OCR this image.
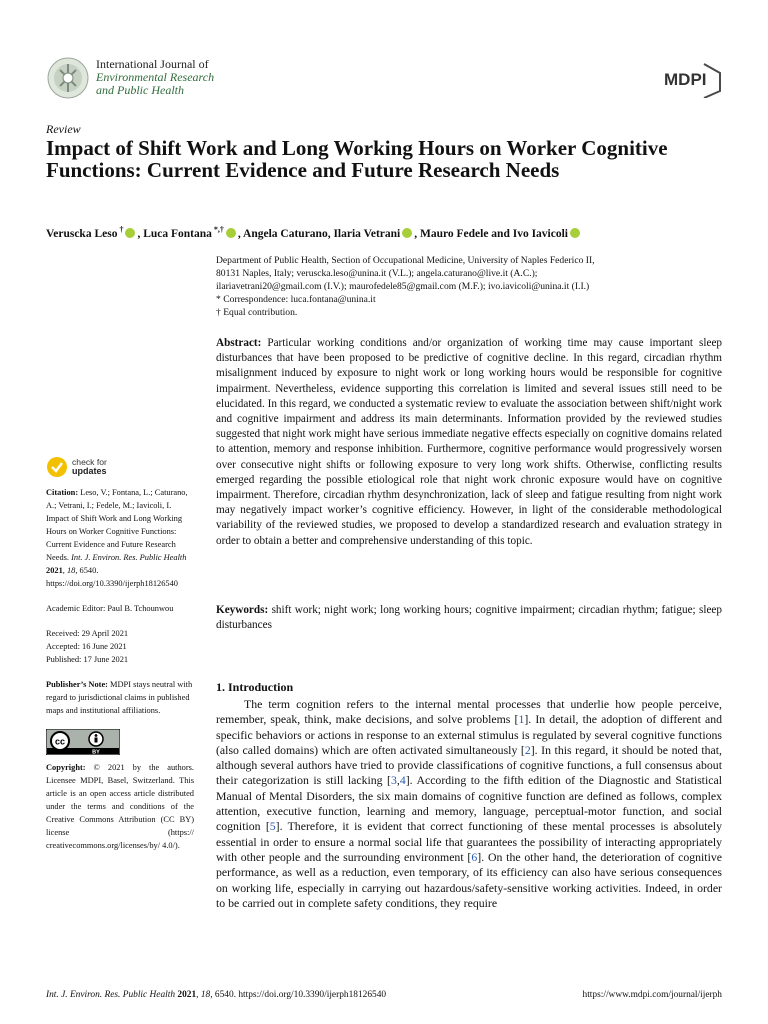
International Journal of
Environmental Research
and Public Health
MDPI
Review
Impact of Shift Work and Long Working Hours on Worker Cognitive Functions: Current Evidence and Future Research Needs
Veruscka Leso † , Luca Fontana *,† , Angela Caturano, Ilaria Vetrani , Mauro Fedele and Ivo Iavicoli
Department of Public Health, Section of Occupational Medicine, University of Naples Federico II,
80131 Naples, Italy; veruscka.leso@unina.it (V.L.); angela.caturano@live.it (A.C.);
ilariavetrani20@gmail.com (I.V.); maurofedele85@gmail.com (M.F.); ivo.iavicoli@unina.it (I.I.)
* Correspondence: luca.fontana@unina.it
† Equal contribution.
Abstract: Particular working conditions and/or organization of working time may cause important sleep disturbances that have been proposed to be predictive of cognitive decline. In this regard, circadian rhythm misalignment induced by exposure to night work or long working hours would be responsible for cognitive impairment. Nevertheless, evidence supporting this correlation is limited and several issues still need to be elucidated. In this regard, we conducted a systematic review to evaluate the association between shift/night work and cognitive impairment and address its main determinants. Information provided by the reviewed studies suggested that night work might have serious immediate negative effects especially on cognitive domains related to attention, memory and response inhibition. Furthermore, cognitive performance would progressively worsen over consecutive night shifts or following exposure to very long work shifts. Otherwise, conflicting results emerged regarding the possible etiological role that night work chronic exposure would have on cognitive impairment. Therefore, circadian rhythm desynchronization, lack of sleep and fatigue resulting from night work may negatively impact worker’s cognitive efficiency. However, in light of the considerable methodological variability of the reviewed studies, we proposed to develop a standardized research and evaluation strategy in order to obtain a better and comprehensive understanding of this topic.
Keywords: shift work; night work; long working hours; cognitive impairment; circadian rhythm; fatigue; sleep disturbances
check for
updates
Citation: Leso, V.; Fontana, L.; Caturano, A.; Vetrani, I.; Fedele, M.; Iavicoli, I. Impact of Shift Work and Long Working Hours on Worker Cognitive Functions: Current Evidence and Future Research Needs. Int. J. Environ. Res. Public Health 2021, 18, 6540. https://doi.org/10.3390/ijerph18126540
Academic Editor: Paul B. Tchounwou
Received: 29 April 2021
Accepted: 16 June 2021
Published: 17 June 2021
Publisher’s Note: MDPI stays neutral with regard to jurisdictional claims in published maps and institutional affiliations.
cc
BY
Copyright: © 2021 by the authors. Licensee MDPI, Basel, Switzerland. This article is an open access article distributed under the terms and conditions of the Creative Commons Attribution (CC BY) license (https:// creativecommons.org/licenses/by/ 4.0/).
1. Introduction
The term cognition refers to the internal mental processes that underlie how people perceive, remember, speak, think, make decisions, and solve problems [1]. In detail, the adoption of different and specific behaviors or actions in response to an external stimulus is regulated by several cognitive functions (also called domains) which are often activated simultaneously [2]. In this regard, it should be noted that, although several authors have tried to provide classifications of cognitive functions, a full consensus about their categorization is still lacking [3,4]. According to the fifth edition of the Diagnostic and Statistical Manual of Mental Disorders, the six main domains of cognitive function are defined as follows, complex attention, executive function, learning and memory, language, perceptual-motor function, and social cognition [5]. Therefore, it is evident that correct functioning of these mental processes is absolutely essential in order to ensure a normal social life that guarantees the possibility of interacting appropriately with other people and the surrounding environment [6]. On the other hand, the deterioration of cognitive performance, as well as a reduction, even temporary, of its efficiency can also have serious consequences on working life, especially in carrying out hazardous/safety-sensitive working activities. Indeed, in order to be carried out in complete safety conditions, they require
Int. J. Environ. Res. Public Health 2021, 18, 6540. https://doi.org/10.3390/ijerph18126540	https://www.mdpi.com/journal/ijerph
